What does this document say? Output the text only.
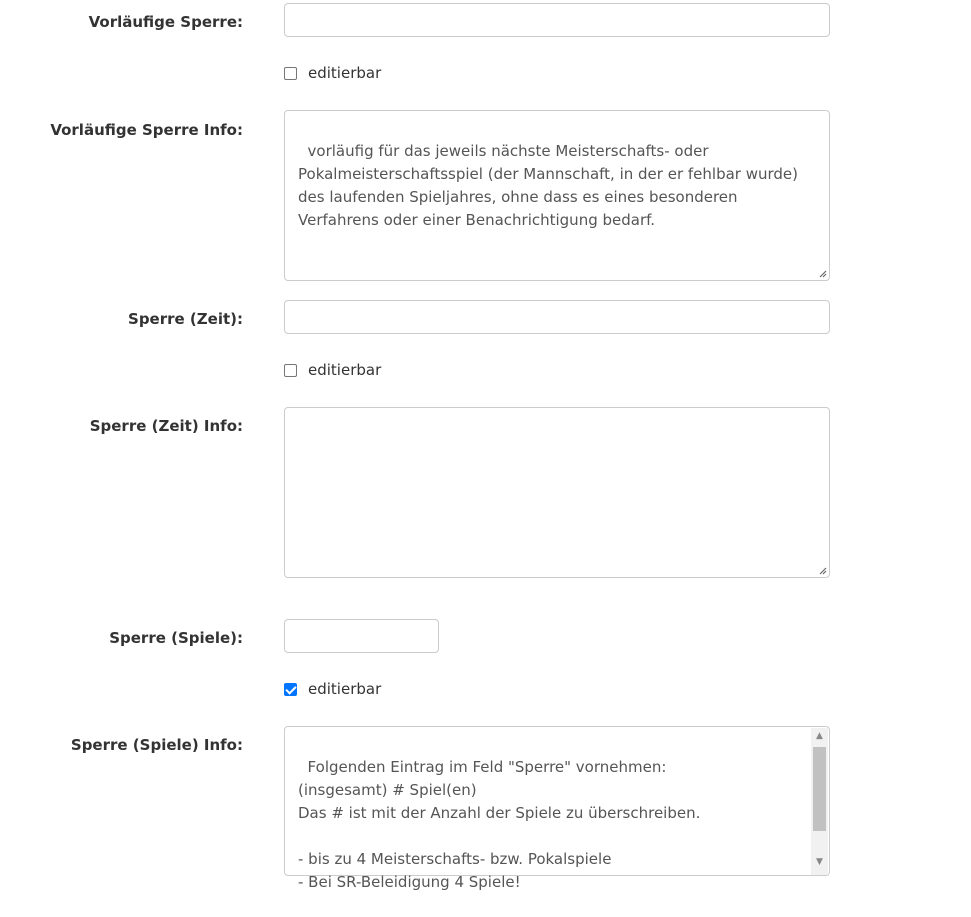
Vorläufige Sperre:
editierbar
Vorläufige Sperre Info:

vorläufig für das jeweils nächste Meisterschafts- oder Pokalmeisterschaftsspiel (der Mannschaft, in der er fehlbar wurde) des laufenden Spieljahres, ohne dass es eines besonderen Verfahrens oder einer Benachrichtigung bedarf.

Sperre (Zeit):
editierbar
Sperre (Zeit) Info:

Sperre (Spiele):
editierbar
Sperre (Spiele) Info:

Folgenden Eintrag im Feld "Sperre" vornehmen:
(insgesamt) # Spiel(en)
Das # ist mit der Anzahl der Spiele zu überschreiben.

- bis zu 4 Meisterschafts- bzw. Pokalspiele
- Bei SR-Beleidigung 4 Spiele!

▲

▼
